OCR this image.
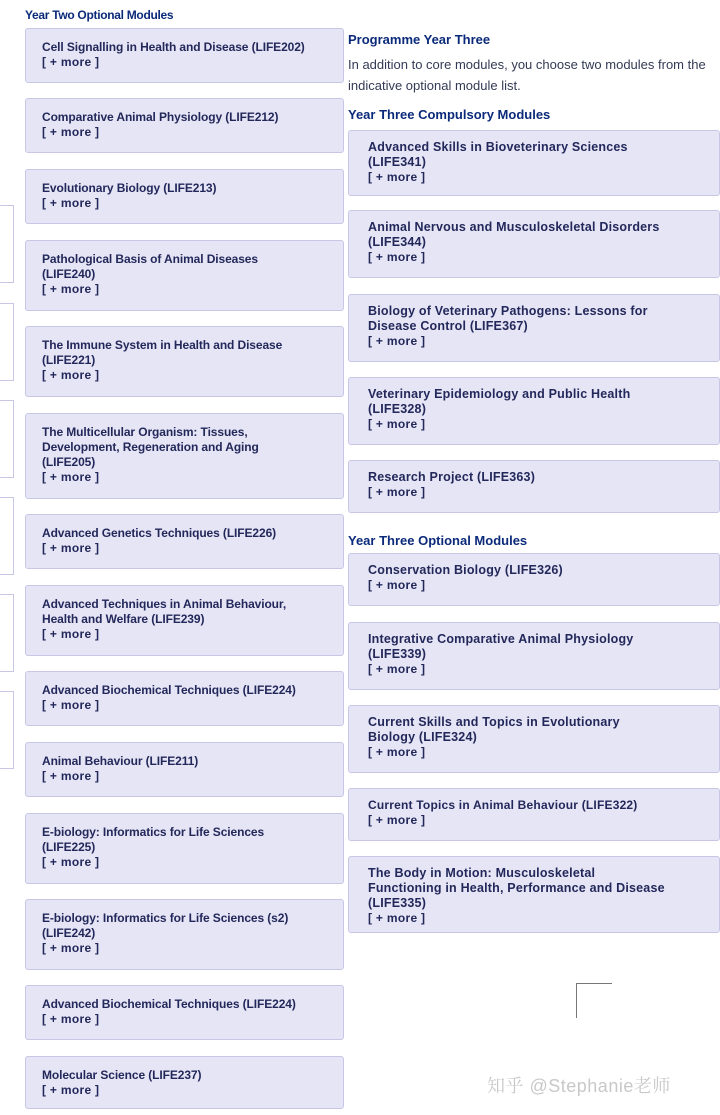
Year Two Optional Modules
Cell Signalling in Health and Disease (LIFE202)
[ + more ]
Comparative Animal Physiology (LIFE212)
[ + more ]
Evolutionary Biology (LIFE213)
[ + more ]
Pathological Basis of Animal Diseases (LIFE240)
[ + more ]
The Immune System in Health and Disease (LIFE221)
[ + more ]
The Multicellular Organism: Tissues, Development, Regeneration and Aging (LIFE205)
[ + more ]
Advanced Genetics Techniques (LIFE226)
[ + more ]
Advanced Techniques in Animal Behaviour, Health and Welfare (LIFE239)
[ + more ]
Advanced Biochemical Techniques (LIFE224)
[ + more ]
Animal Behaviour (LIFE211)
[ + more ]
E-biology: Informatics for Life Sciences (LIFE225)
[ + more ]
E-biology: Informatics for Life Sciences (s2) (LIFE242)
[ + more ]
Advanced Biochemical Techniques (LIFE224)
[ + more ]
Molecular Science (LIFE237)
[ + more ]
Programme Year Three
In addition to core modules, you choose two modules from the indicative optional module list.
Year Three Compulsory Modules
Advanced Skills in Bioveterinary Sciences (LIFE341)
[ + more ]
Animal Nervous and Musculoskeletal Disorders (LIFE344)
[ + more ]
Biology of Veterinary Pathogens: Lessons for Disease Control (LIFE367)
[ + more ]
Veterinary Epidemiology and Public Health (LIFE328)
[ + more ]
Research Project (LIFE363)
[ + more ]
Year Three Optional Modules
Conservation Biology (LIFE326)
[ + more ]
Integrative Comparative Animal Physiology (LIFE339)
[ + more ]
Current Skills and Topics in Evolutionary Biology (LIFE324)
[ + more ]
Current Topics in Animal Behaviour (LIFE322)
[ + more ]
The Body in Motion: Musculoskeletal Functioning in Health, Performance and Disease (LIFE335)
[ + more ]
知乎 @Stephanie老师
